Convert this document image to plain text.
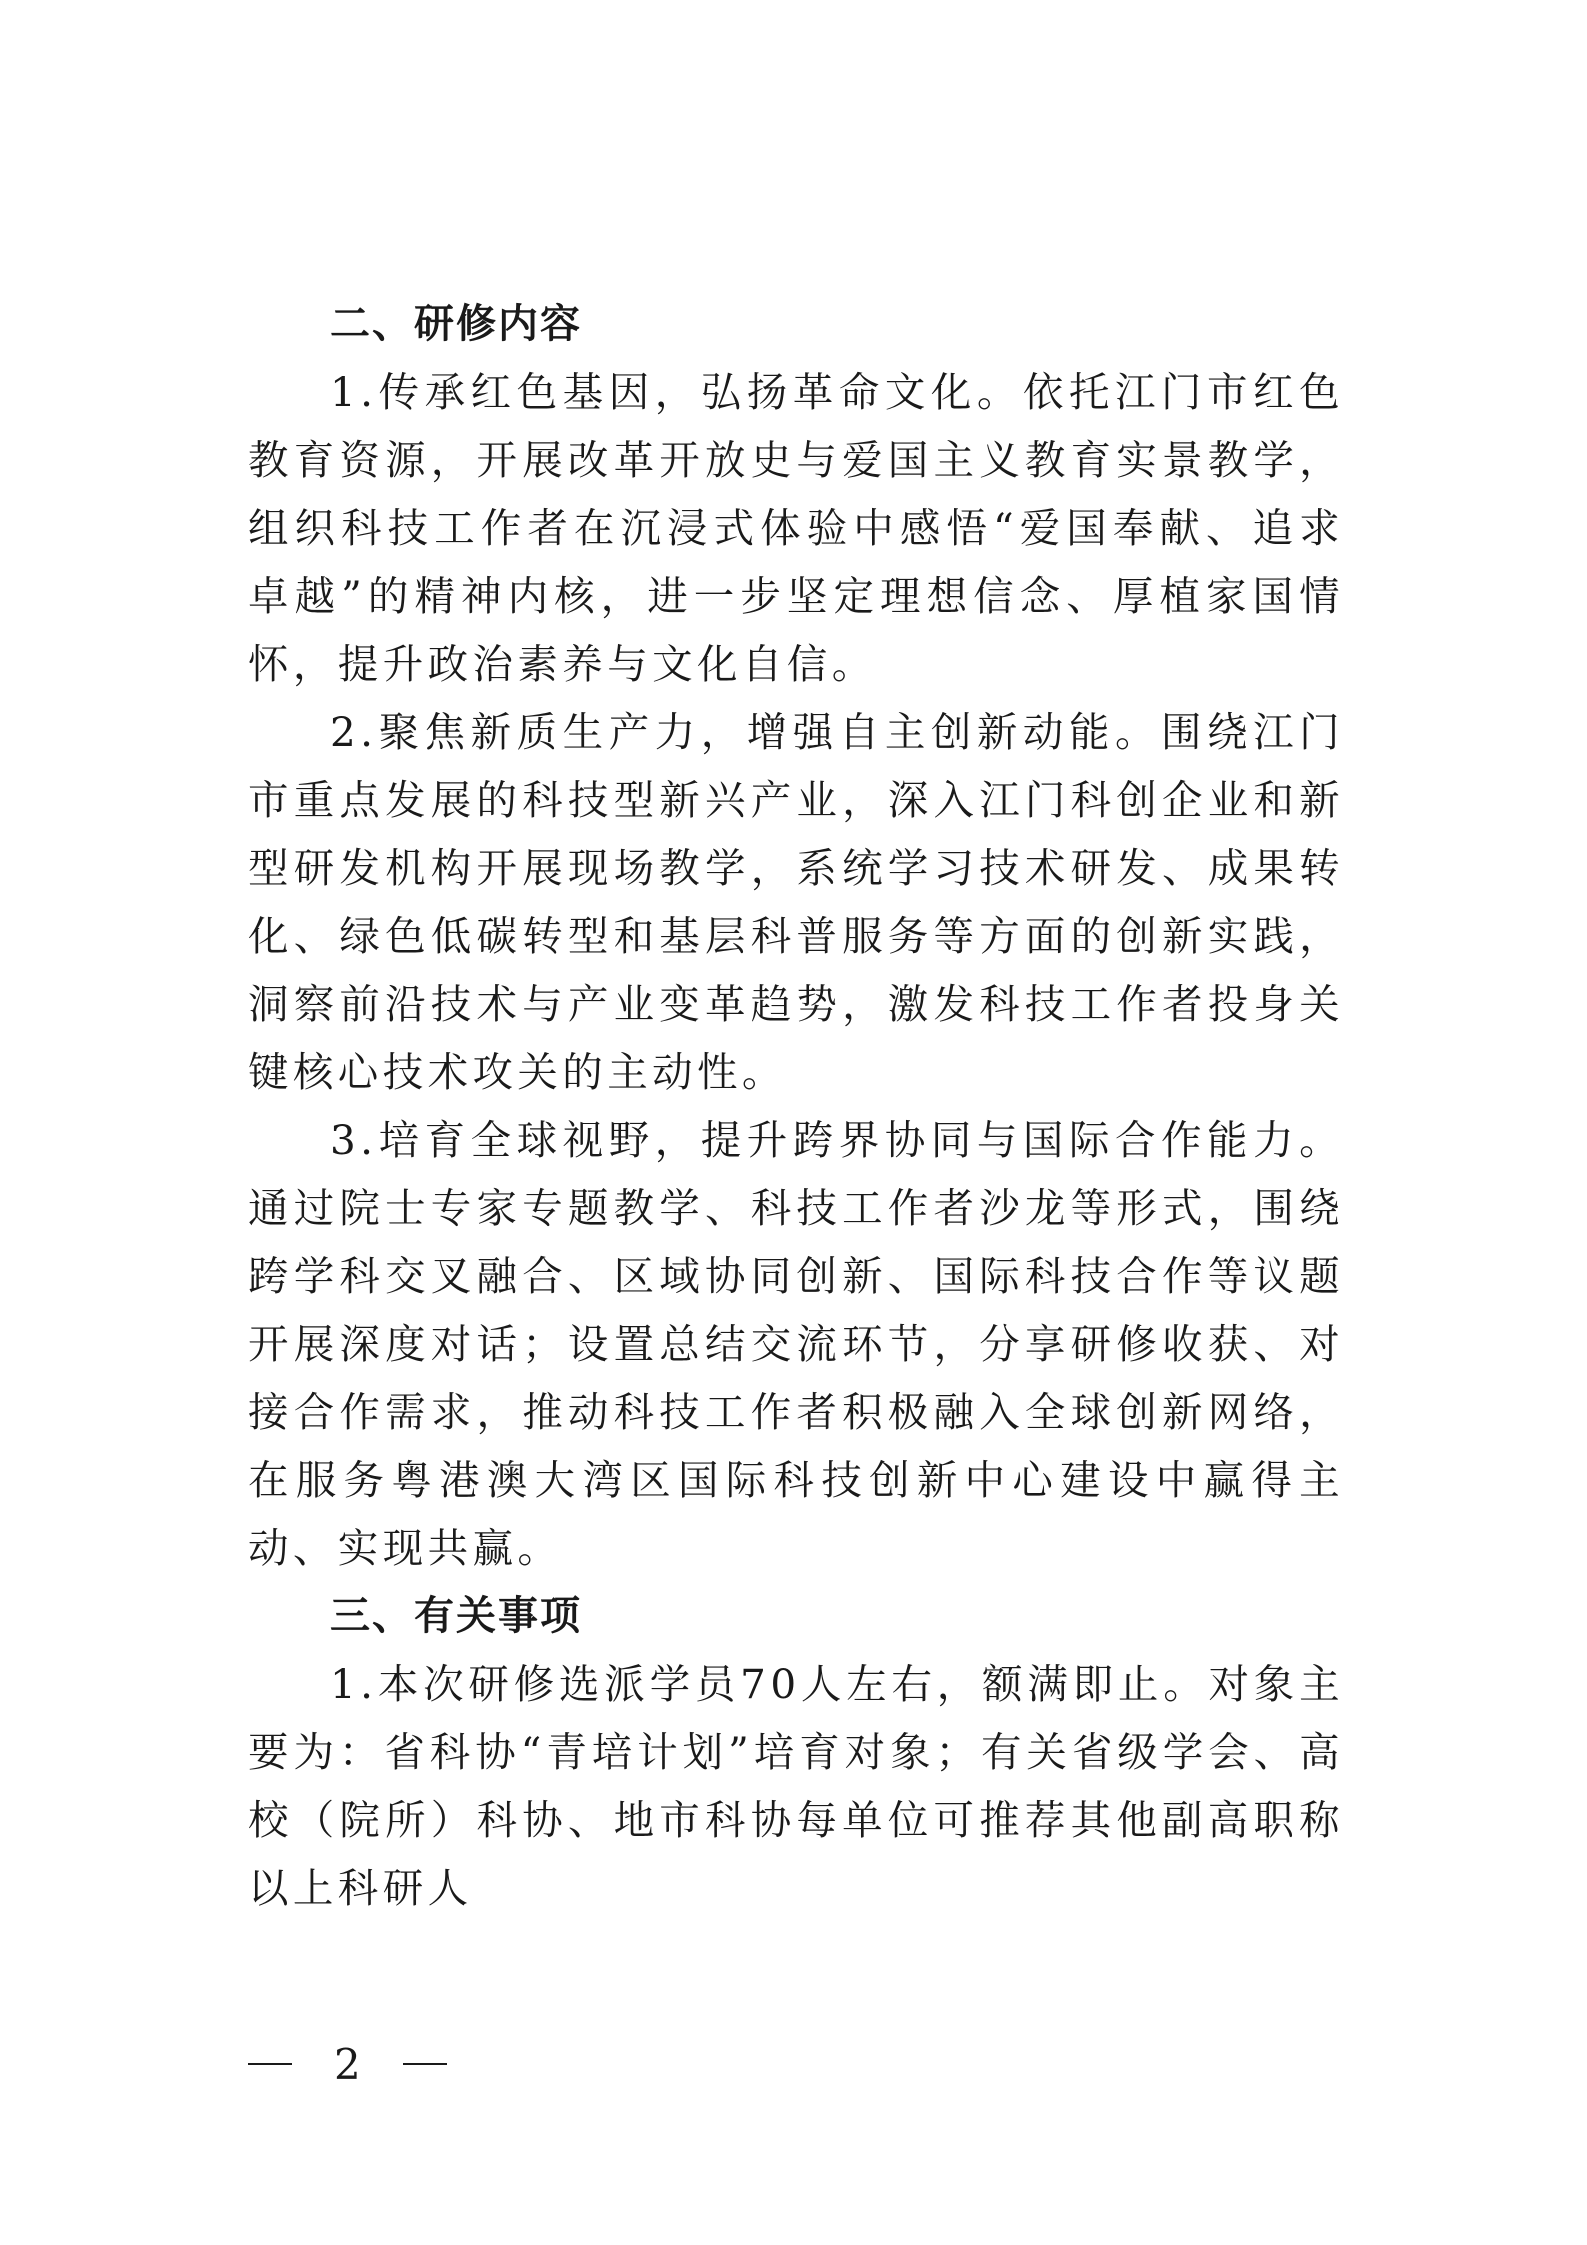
二、研修内容

1.传承红色基因，弘扬革命文化。依托江门市红色教育资源，开展改革开放史与爱国主义教育实景教学，组织科技工作者在沉浸式体验中感悟“爱国奉献、追求卓越”的精神内核，进一步坚定理想信念、厚植家国情怀，提升政治素养与文化自信。

2.聚焦新质生产力，增强自主创新动能。围绕江门市重点发展的科技型新兴产业，深入江门科创企业和新型研发机构开展现场教学，系统学习技术研发、成果转化、绿色低碳转型和基层科普服务等方面的创新实践，洞察前沿技术与产业变革趋势，激发科技工作者投身关键核心技术攻关的主动性。

3.培育全球视野，提升跨界协同与国际合作能力。通过院士专家专题教学、科技工作者沙龙等形式，围绕跨学科交叉融合、区域协同创新、国际科技合作等议题开展深度对话；设置总结交流环节，分享研修收获、对接合作需求，推动科技工作者积极融入全球创新网络，在服务粤港澳大湾区国际科技创新中心建设中赢得主动、实现共赢。

三、有关事项

1.本次研修选派学员70人左右，额满即止。对象主要为：省科协“青培计划”培育对象；有关省级学会、高校（院所）科协、地市科协每单位可推荐其他副高职称以上科研人

2
